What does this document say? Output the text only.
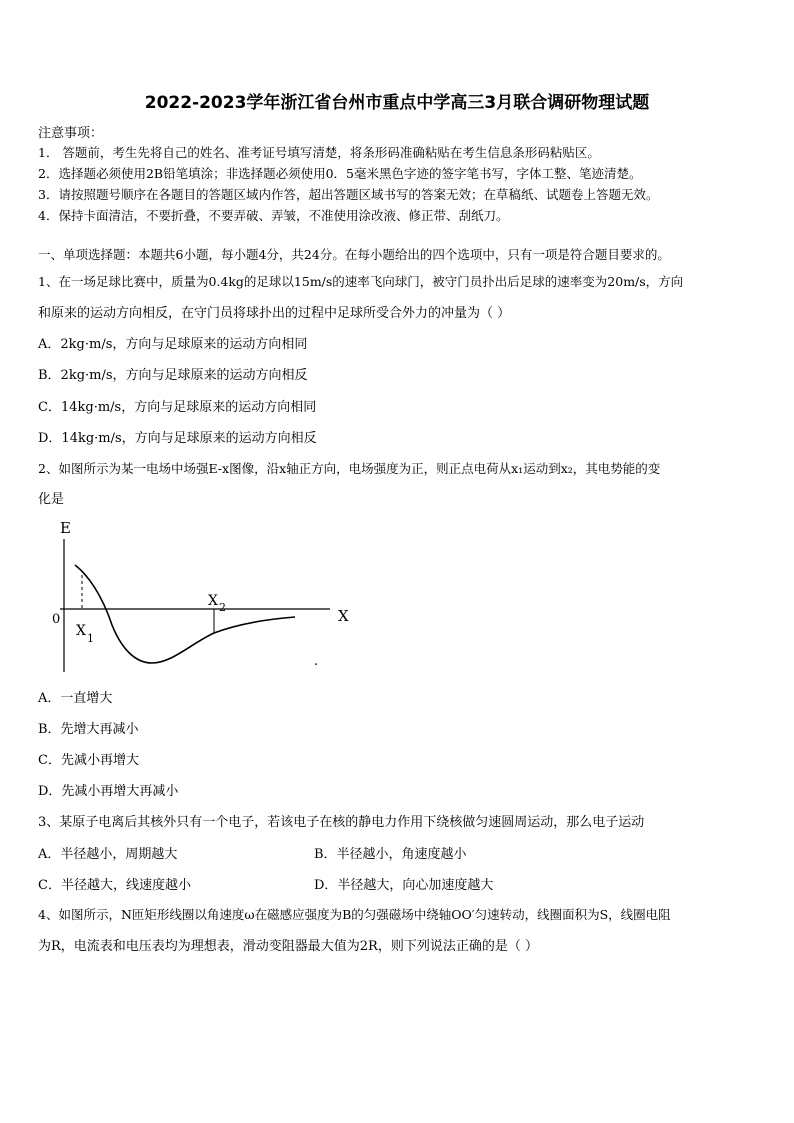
2022-2023学年浙江省台州市重点中学高三3月联合调研物理试题
注意事项：
1． 答题前，考生先将自己的姓名、准考证号填写清楚，将条形码准确粘贴在考生信息条形码粘贴区。
2．选择题必须使用2B铅笔填涂；非选择题必须使用0．5毫米黑色字迹的签字笔书写，字体工整、笔迹清楚。
3．请按照题号顺序在各题目的答题区域内作答，超出答题区域书写的答案无效；在草稿纸、试题卷上答题无效。
4．保持卡面清洁，不要折叠，不要弄破、弄皱，不准使用涂改液、修正带、刮纸刀。
一、单项选择题：本题共6小题，每小题4分，共24分。在每小题给出的四个选项中，只有一项是符合题目要求的。
1、在一场足球比赛中，质量为0.4kg的足球以15m/s的速率飞向球门，被守门员扑出后足球的速率变为20m/s，方向
和原来的运动方向相反，在守门员将球扑出的过程中足球所受合外力的冲量为（ ）
A．2kg·m/s，方向与足球原来的运动方向相同
B．2kg·m/s，方向与足球原来的运动方向相反
C．14kg·m/s，方向与足球原来的运动方向相同
D．14kg·m/s，方向与足球原来的运动方向相反
2、如图所示为某一电场中场强E-x图像，沿x轴正方向，电场强度为正，则正点电荷从x₁运动到x₂，其电势能的变
化是
E
X
0
X 1
X 2
.
A．一直增大
B．先增大再减小
C．先减小再增大
D．先减小再增大再减小
3、某原子电离后其核外只有一个电子，若该电子在核的静电力作用下绕核做匀速圆周运动，那么电子运动
A．半径越小，周期越大	B．半径越小，角速度越小
C．半径越大，线速度越小	D．半径越大，向心加速度越大
4、如图所示，N匝矩形线圈以角速度ω在磁感应强度为B的匀强磁场中绕轴OO′匀速转动，线圈面积为S，线圈电阻
为R，电流表和电压表均为理想表，滑动变阻器最大值为2R，则下列说法正确的是（ ）
